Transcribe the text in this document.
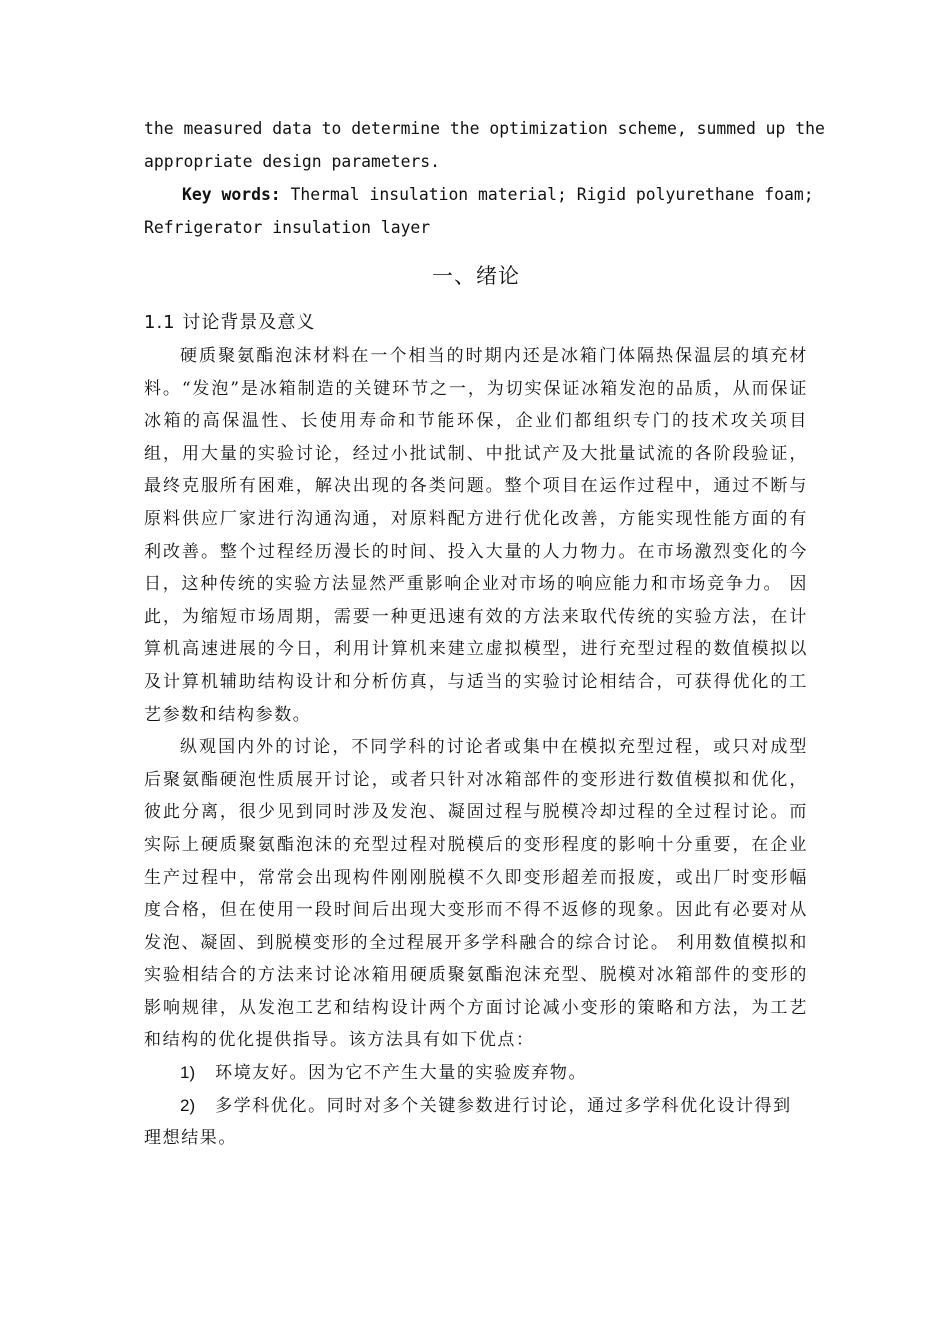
the measured data to determine the optimization scheme, summed up the
appropriate design parameters.
Key words: Thermal insulation material; Rigid polyurethane foam;
Refrigerator insulation layer
一、绪论
1.1 讨论背景及意义

硬质聚氨酯泡沫材料在一个相当的时期内还是冰箱门体隔热保温层的填充材料。“发泡”是冰箱制造的关键环节之一，为切实保证冰箱发泡的品质，从而保证冰箱的高保温性、长使用寿命和节能环保，企业们都组织专门的技术攻关项目组，用大量的实验讨论，经过小批试制、中批试产及大批量试流的各阶段验证，最终克服所有困难，解决出现的各类问题。整个项目在运作过程中，通过不断与原料供应厂家进行沟通沟通，对原料配方进行优化改善，方能实现性能方面的有利改善。整个过程经历漫长的时间、投入大量的人力物力。在市场激烈变化的今日，这种传统的实验方法显然严重影响企业对市场的响应能力和市场竞争力。 因此，为缩短市场周期，需要一种更迅速有效的方法来取代传统的实验方法，在计算机高速进展的今日，利用计算机来建立虚拟模型，进行充型过程的数值模拟以及计算机辅助结构设计和分析仿真，与适当的实验讨论相结合，可获得优化的工艺参数和结构参数。

纵观国内外的讨论，不同学科的讨论者或集中在模拟充型过程，或只对成型后聚氨酯硬泡性质展开讨论，或者只针对冰箱部件的变形进行数值模拟和优化，彼此分离，很少见到同时涉及发泡、凝固过程与脱模冷却过程的全过程讨论。而实际上硬质聚氨酯泡沫的充型过程对脱模后的变形程度的影响十分重要，在企业生产过程中，常常会出现构件刚刚脱模不久即变形超差而报废，或出厂时变形幅度合格，但在使用一段时间后出现大变形而不得不返修的现象。因此有必要对从发泡、凝固、到脱模变形的全过程展开多学科融合的综合讨论。 利用数值模拟和实验相结合的方法来讨论冰箱用硬质聚氨酯泡沫充型、脱模对冰箱部件的变形的影响规律，从发泡工艺和结构设计两个方面讨论减小变形的策略和方法，为工艺和结构的优化提供指导。该方法具有如下优点：

1) 环境友好。因为它不产生大量的实验废弃物。

2) 多学科优化。同时对多个关键参数进行讨论，通过多学科优化设计得到理想结果。
